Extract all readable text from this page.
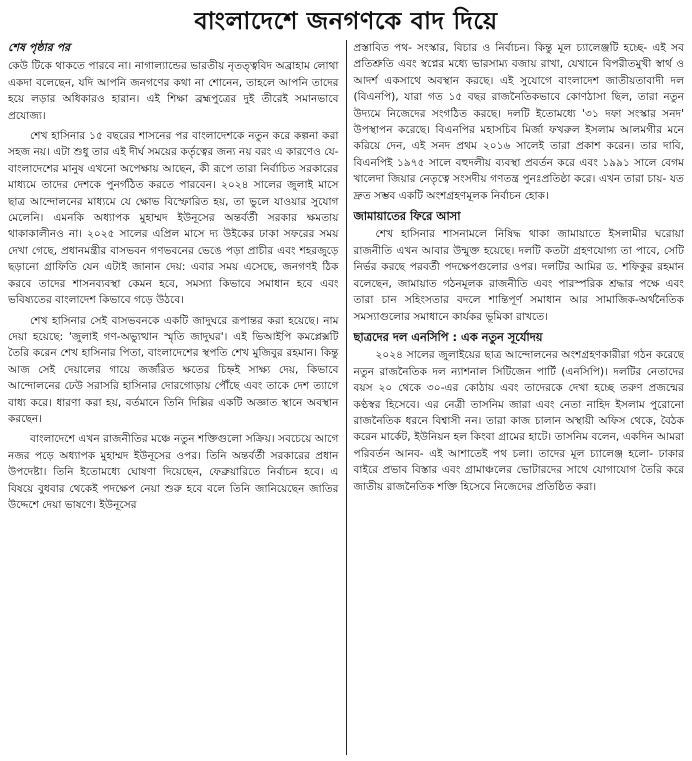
বাংলাদেশে জনগণকে বাদ দিয়ে
শেষ পৃষ্ঠার পর

কেউ টিকে থাকতে পারবে না। নাগাল্যান্ডের ভারতীয় নৃতত্ত্ববিদ অব্রাহাম লোথা একদা বলেছেন, যদি আপনি জনগণের কথা না শোনেন, তাহলে আপনি তাদের হয়ে লড়ার অধিকারও হারান। এই শিক্ষা ব্রহ্মপুত্রের দুই তীরেই সমানভাবে প্রযোজ্য।

শেখ হাসিনার ১৫ বছরের শাসনের পর বাংলাদেশকে নতুন করে কল্পনা করা সহজ নয়। এটা শুধু তার এই দীর্ঘ সময়ের কর্তৃত্বের জন্য নয় বরং এ কারণেও যে- বাংলাদেশের মানুষ এখনো অপেক্ষায় আছেন, কী রূপে তারা নির্বাচিত সরকারের মাধ্যমে তাদের দেশকে পুনর্গঠিত করতে পারবেন। ২০২৪ সালের জুলাই মাসে ছাত্র আন্দোলনের মাধ্যমে যে ক্ষোভ বিস্ফোরিত হয়, তা ভুলে যাওয়ার সুযোগ মেলেনি। এমনকি অধ্যাপক মুহাম্মদ ইউনূসের অন্তর্বর্তী সরকার ক্ষমতায় থাকাকালীনও না। ২০২৫ সালের এপ্রিল মাসে দ্য উইকের ঢাকা সফরের সময় দেখা গেছে, প্রধানমন্ত্রীর বাসভবন গণভবনের ভেঙে পড়া প্রাচীর এবং শহরজুড়ে ছড়ানো গ্রাফিতি যেন এটাই জানান দেয়: এবার সময় এসেছে, জনগণই ঠিক করবে তাদের শাসনব্যবস্থা কেমন হবে, সমস্যা কিভাবে সমাধান হবে এবং ভবিষ্যতের বাংলাদেশ কিভাবে গড়ে উঠবে।

শেখ হাসিনার সেই বাসভবনকে একটি জাদুঘরে রূপান্তর করা হয়েছে। নাম দেয়া হয়েছে: 'জুলাই গণ-অভ্যুত্থান স্মৃতি জাদুঘর'। এই ভিআইপি কমপ্লেক্সটি তৈরি করেন শেখ হাসিনার পিতা, বাংলাদেশের স্থপতি শেখ মুজিবুর রহমান। কিন্তু আজ সেই দেয়ালের গায়ে জর্জরিত ক্ষতের চিহ্নই সাক্ষ্য দেয়, কিভাবে আন্দোলনের ঢেউ সরাসরি হাসিনার দোরগোড়ায় পৌঁছে এবং তাকে দেশ ত্যাগে বাধ্য করে। ধারণা করা হয়, বর্তমানে তিনি দিল্লির একটি অজ্ঞাত স্থানে অবস্থান করছেন।

বাংলাদেশে এখন রাজনীতির মঞ্চে নতুন শক্তিগুলো সক্রিয়। সবচেয়ে আগে নজর পড়ে অধ্যাপক মুহাম্মদ ইউনূসের ওপর। তিনি অন্তর্বর্তী সরকারের প্রধান উপদেষ্টা। তিনি ইতোমধ্যে ঘোষণা দিয়েছেন, ফেব্রুয়ারিতে নির্বাচন হবে। এ বিষয়ে বুধবার থেকেই পদক্ষেপ নেয়া শুরু হবে বলে তিনি জানিয়েছেন জাতির উদ্দেশে দেয়া ভাষণে। ইউনূসের

প্রস্তাবিত পথ- সংস্কার, বিচার ও নির্বাচন। কিন্তু মূল চ্যালেঞ্জটি হচ্ছে- এই সব প্রতিশ্রুতি এবং স্বপ্নের মধ্যে ভারসাম্য বজায় রাখা, যেখানে বিপরীতমুখী স্বার্থ ও আদর্শ একসাথে অবস্থান করছে। এই সুযোগে বাংলাদেশ জাতীয়তাবাদী দল (বিএনপি), যারা গত ১৫ বছর রাজনৈতিকভাবে কোণঠাসা ছিল, তারা নতুন উদ্যমে নিজেদের সংগঠিত করছে। দলটি ইতোমধ্যে '৩১ দফা সংস্কার সনদ' উপস্থাপন করেছে। বিএনপির মহাসচিব মির্জা ফখরুল ইসলাম আলমগীর মনে করিয়ে দেন, এই সনদ প্রথম ২০১৬ সালেই তারা প্রকাশ করেন। তার দাবি, বিএনপিই ১৯৭৫ সালে বহুদলীয় ব্যবস্থা প্রবর্তন করে এবং ১৯৯১ সালে বেগম খালেদা জিয়ার নেতৃত্বে সংসদীয় গণতন্ত্র পুনঃপ্রতিষ্ঠা করে। এখন তারা চায়- যত দ্রুত সম্ভব একটি অংশগ্রহণমূলক নির্বাচন হোক।

জামায়াতের ফিরে আসা

শেখ হাসিনার শাসনামলে নিষিদ্ধ থাকা জামায়াতে ইসলামীর ঘরোয়া রাজনীতি এখন আবার উন্মুক্ত হয়েছে। দলটি কতটা গ্রহণযোগ্য তা পাবে, সেটি নির্ভর করছে পরবর্তী পদক্ষেপগুলোর ওপর। দলটির আমির ড. শফিকুর রহমান বলেছেন, জামায়াত গঠনমূলক রাজনীতি এবং পারস্পরিক শ্রদ্ধার পক্ষে এবং তারা চান সহিংসতার বদলে শান্তিপূর্ণ সমাধান আর সামাজিক-অর্থনৈতিক সমস্যাগুলোর সমাধানে কার্যকর ভূমিকা রাখতে।

ছাত্রদের দল এনসিপি : এক নতুন সূর্যোদয়

২০২৪ সালের জুলাইয়ের ছাত্র আন্দোলনের অংশগ্রহণকারীরা গঠন করেছে নতুন রাজনৈতিক দল ন্যাশনাল সিটিজেন পার্টি (এনসিপি)। দলটির নেতাদের বয়স ২০ থেকে ৩০-এর কোঠায় এবং তাদেরকে দেখা হচ্ছে তরুণ প্রজন্মের কণ্ঠস্বর হিসেবে। এর নেত্রী তাসনিম জারা এবং নেতা নাহিদ ইসলাম পুরোনো রাজনৈতিক ধরনে বিশ্বাসী নন। তারা কাজ চালান অস্থায়ী অফিস থেকে, বৈঠক করেন মার্কেট, ইউনিয়ন হল কিংবা গ্রামের হাটে। তাসনিম বলেন, একদিন আমরা পরিবর্তন আনব- এই আশাতেই পথ চলা। তাদের মূল চ্যালেঞ্জ হলো- ঢাকার বাইরে প্রভাব বিস্তার এবং গ্রামাঞ্চলের ভোটারদের সাথে যোগাযোগ তৈরি করে জাতীয় রাজনৈতিক শক্তি হিসেবে নিজেদের প্রতিষ্ঠিত করা।
